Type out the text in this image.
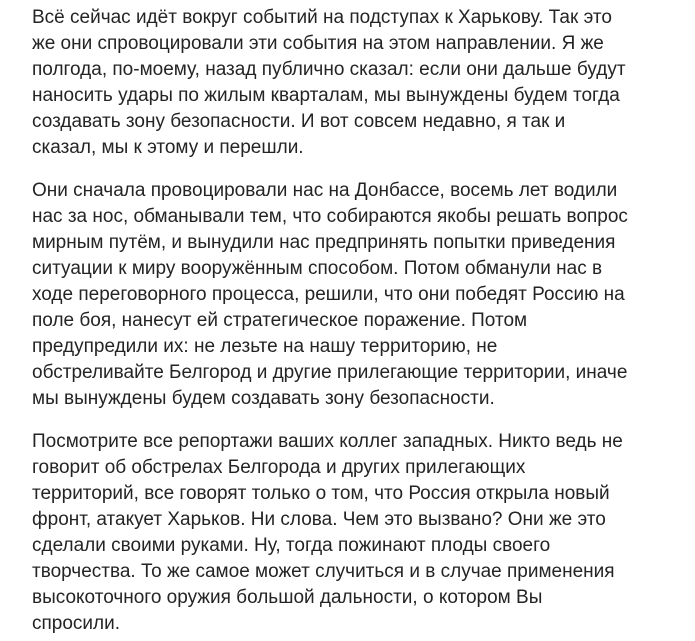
Всё сейчас идёт вокруг событий на подступах к Харькову. Так это
же они спровоцировали эти события на этом направлении. Я же
полгода, по-моему, назад публично сказал: если они дальше будут
наносить удары по жилым кварталам, мы вынуждены будем тогда
создавать зону безопасности. И вот совсем недавно, я так и
сказал, мы к этому и перешли.
Они сначала провоцировали нас на Донбассе, восемь лет водили
нас за нос, обманывали тем, что собираются якобы решать вопрос
мирным путём, и вынудили нас предпринять попытки приведения
ситуации к миру вооружённым способом. Потом обманули нас в
ходе переговорного процесса, решили, что они победят Россию на
поле боя, нанесут ей стратегическое поражение. Потом
предупредили их: не лезьте на нашу территорию, не
обстреливайте Белгород и другие прилегающие территории, иначе
мы вынуждены будем создавать зону безопасности.
Посмотрите все репортажи ваших коллег западных. Никто ведь не
говорит об обстрелах Белгорода и других прилегающих
территорий, все говорят только о том, что Россия открыла новый
фронт, атакует Харьков. Ни слова. Чем это вызвано? Они же это
сделали своими руками. Ну, тогда пожинают плоды своего
творчества. То же самое может случиться и в случае применения
высокоточного оружия большой дальности, о котором Вы
спросили.
